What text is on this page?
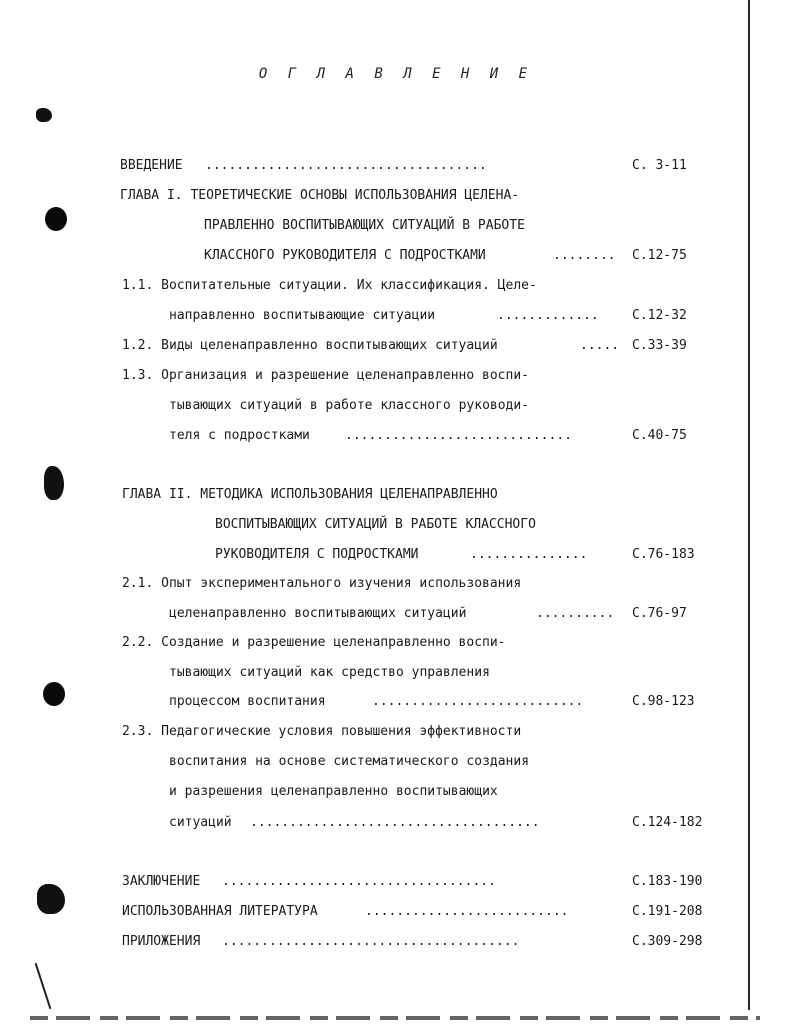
О Г Л А В Л Е Н И Е
ВВЕДЕНИЕ ....................................	С. 3-11
ГЛАВА I. ТЕОРЕТИЧЕСКИЕ ОСНОВЫ ИСПОЛЬЗОВАНИЯ ЦЕЛЕНА-
ПРАВЛЕННО ВОСПИТЫВАЮЩИХ СИТУАЦИЙ В РАБОТЕ
КЛАССНОГО РУКОВОДИТЕЛЯ С ПОДРОСТКАМИ	........ С.12-75
1.1. Воспитательные ситуации. Их классификация. Целе-
направленно воспитывающие ситуации	.............	С.12-32
1.2. Виды целенаправленно воспитывающих ситуаций	..... С.33-39
1.3. Организация и разрешение целенаправленно воспи-
тывающих ситуаций в работе классного руководи-
теля с подростками	.............................	С.40-75
ГЛАВА II. МЕТОДИКА ИСПОЛЬЗОВАНИЯ ЦЕЛЕНАПРАВЛЕННО
ВОСПИТЫВАЮЩИХ СИТУАЦИЙ В РАБОТЕ КЛАССНОГО
РУКОВОДИТЕЛЯ С ПОДРОСТКАМИ	...............	С.76-183
2.1. Опыт экспериментального изучения использования
целенаправленно воспитывающих ситуаций	.......... С.76-97
2.2. Создание и разрешение целенаправленно воспи-
тывающих ситуаций как средство управления
процессом воспитания	...........................	С.98-123
2.3. Педагогические условия повышения эффективности
воспитания на основе систематического создания
и разрешения целенаправленно воспитывающих
ситуаций .....................................	С.124-182
ЗАКЛЮЧЕНИЕ ...................................	С.183-190
ИСПОЛЬЗОВАННАЯ ЛИТЕРАТУРА	..........................	С.191-208
ПРИЛОЖЕНИЯ ......................................	С.309-298
